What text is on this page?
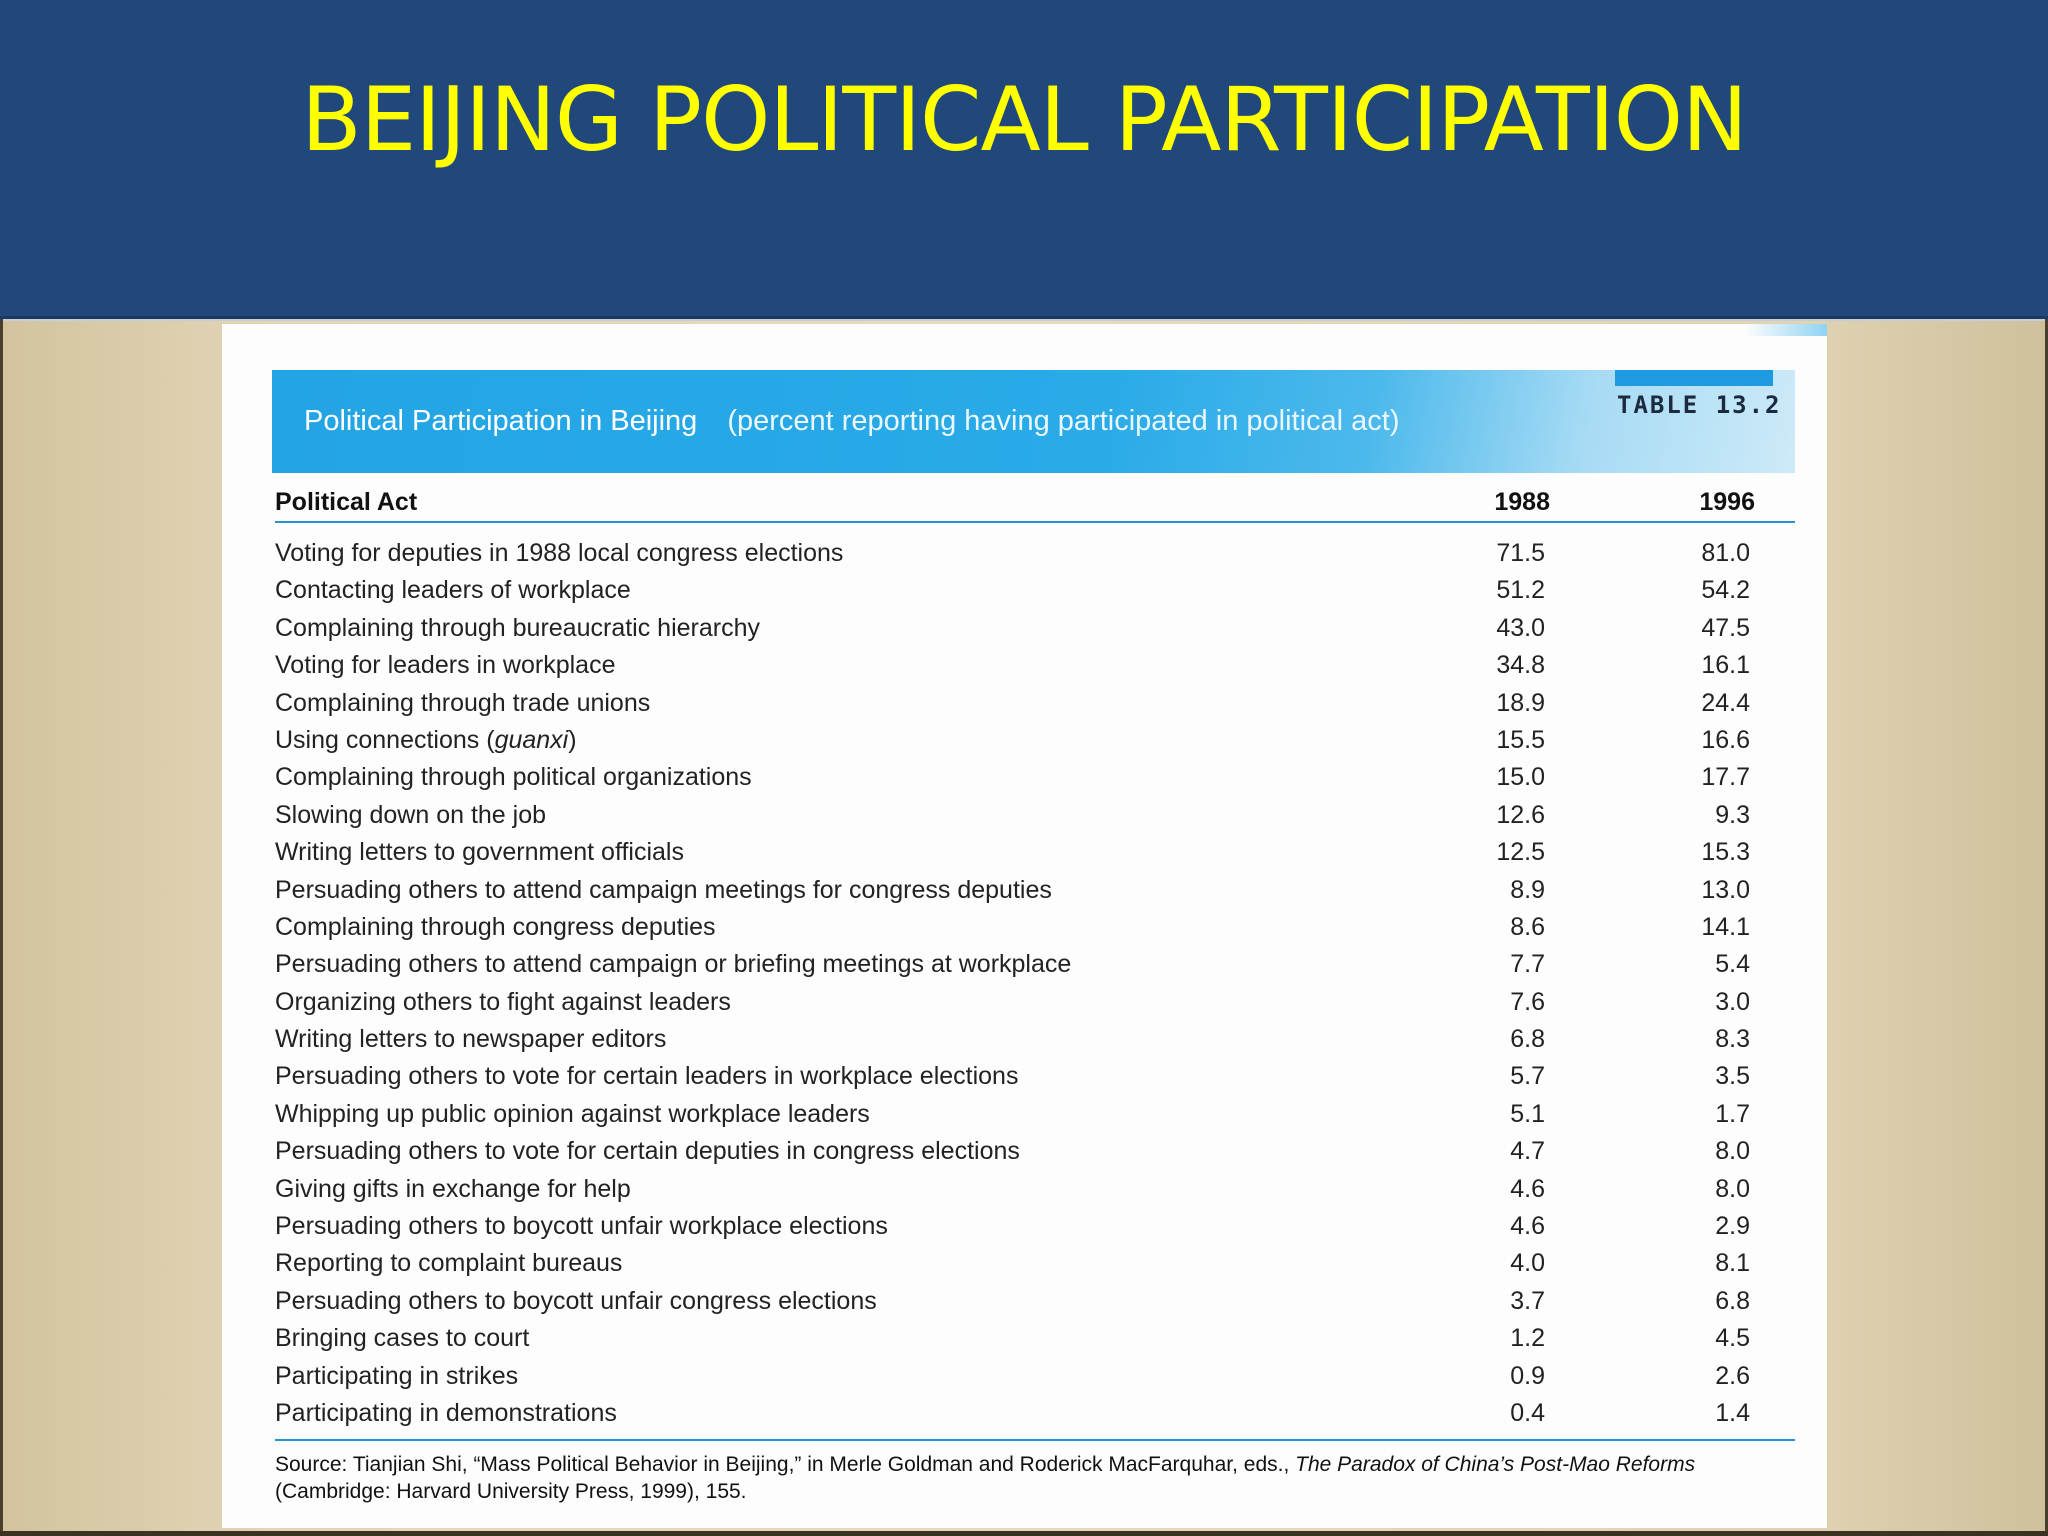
BEIJING POLITICAL PARTICIPATION
Political Participation in Beijing (percent reporting having participated in political act)	TABLE 13.2
Political Act	1988	1996
Voting for deputies in 1988 local congress elections	71.5	81.0
Contacting leaders of workplace	51.2	54.2
Complaining through bureaucratic hierarchy	43.0	47.5
Voting for leaders in workplace	34.8	16.1
Complaining through trade unions	18.9	24.4
Using connections (guanxi)	15.5	16.6
Complaining through political organizations	15.0	17.7
Slowing down on the job	12.6	9.3
Writing letters to government officials	12.5	15.3
Persuading others to attend campaign meetings for congress deputies	8.9	13.0
Complaining through congress deputies	8.6	14.1
Persuading others to attend campaign or briefing meetings at workplace	7.7	5.4
Organizing others to fight against leaders	7.6	3.0
Writing letters to newspaper editors	6.8	8.3
Persuading others to vote for certain leaders in workplace elections	5.7	3.5
Whipping up public opinion against workplace leaders	5.1	1.7
Persuading others to vote for certain deputies in congress elections	4.7	8.0
Giving gifts in exchange for help	4.6	8.0
Persuading others to boycott unfair workplace elections	4.6	2.9
Reporting to complaint bureaus	4.0	8.1
Persuading others to boycott unfair congress elections	3.7	6.8
Bringing cases to court	1.2	4.5
Participating in strikes	0.9	2.6
Participating in demonstrations	0.4	1.4
Source: Tianjian Shi, “Mass Political Behavior in Beijing,” in Merle Goldman and Roderick MacFarquhar, eds., The Paradox of China’s Post-Mao Reforms (Cambridge: Harvard University Press, 1999), 155.
